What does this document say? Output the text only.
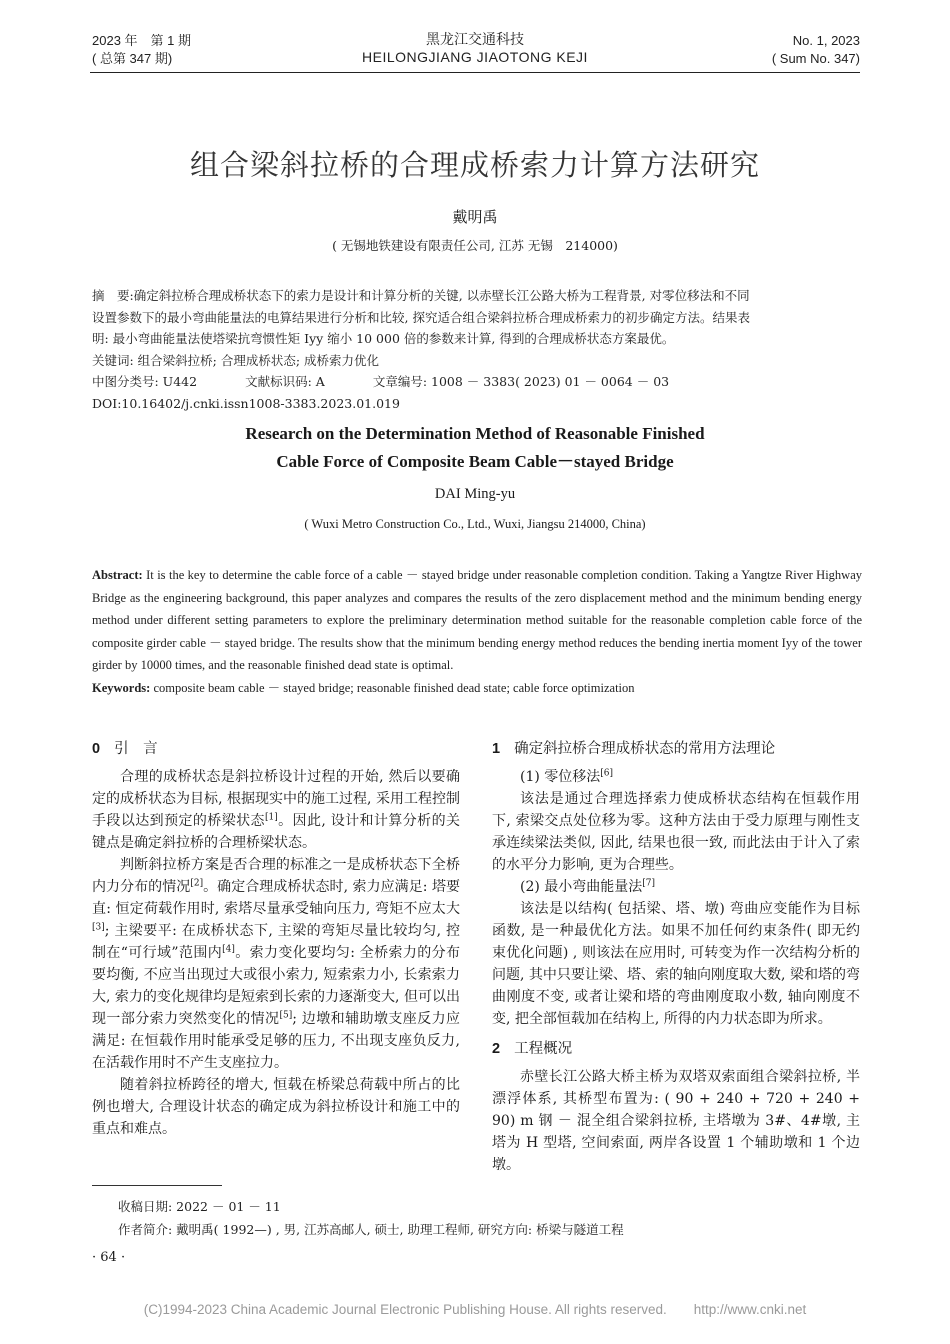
2023 年　第 1 期
( 总第 347 期)
黑龙江交通科技
HEILONGJIANG JIAOTONG KEJI
No. 1, 2023
( Sum No. 347)
组合梁斜拉桥的合理成桥索力计算方法研究
戴明禹
( 无锡地铁建设有限责任公司, 江苏 无锡　214000)
摘　要:确定斜拉桥合理成桥状态下的索力是设计和计算分析的关键, 以赤壁长江公路大桥为工程背景, 对零位移法和不同
设置参数下的最小弯曲能量法的电算结果进行分析和比较, 探究适合组合梁斜拉桥合理成桥索力的初步确定方法。结果表
明: 最小弯曲能量法使塔梁抗弯惯性矩 Iyy 缩小 10 000 倍的参数来计算, 得到的合理成桥状态方案最优。
关键词: 组合梁斜拉桥; 合理成桥状态; 成桥索力优化
中图分类号: U442	文献标识码: A	文章编号: 1008 － 3383( 2023) 01 － 0064 － 03
DOI:10.16402/j.cnki.issn1008-3383.2023.01.019
Research on the Determination Method of Reasonable Finished
Cable Force of Composite Beam Cable－stayed Bridge
DAI Ming-yu
( Wuxi Metro Construction Co., Ltd., Wuxi, Jiangsu 214000, China)
Abstract: It is the key to determine the cable force of a cable － stayed bridge under reasonable completion condition. Taking a Yangtze River Highway Bridge as the engineering background, this paper analyzes and compares the results of the zero displacement method and the minimum bending energy method under different setting parameters to explore the preliminary determination method suitable for the reasonable completion cable force of the composite girder cable － stayed bridge. The results show that the minimum bending energy method reduces the bending inertia moment Iyy of the tower girder by 10000 times, and the reasonable finished dead state is optimal.
Keywords: composite beam cable － stayed bridge; reasonable finished dead state; cable force optimization
0 引　言

合理的成桥状态是斜拉桥设计过程的开始, 然后以要确定的成桥状态为目标, 根据现实中的施工过程, 采用工程控制手段以达到预定的桥梁状态[1]。因此, 设计和计算分析的关键点是确定斜拉桥的合理桥梁状态。

判断斜拉桥方案是否合理的标准之一是成桥状态下全桥内力分布的情况[2]。确定合理成桥状态时, 索力应满足: 塔要直: 恒定荷载作用时, 索塔尽量承受轴向压力, 弯矩不应太大[3]; 主梁要平: 在成桥状态下, 主梁的弯矩尽量比较均匀, 控制在“可行域”范围内[4]。索力变化要均匀: 全桥索力的分布要均衡, 不应当出现过大或很小索力, 短索索力小, 长索索力大, 索力的变化规律均是短索到长索的力逐渐变大, 但可以出现一部分索力突然变化的情况[5]; 边墩和辅助墩支座反力应满足: 在恒载作用时能承受足够的压力, 不出现支座负反力, 在活载作用时不产生支座拉力。

随着斜拉桥跨径的增大, 恒载在桥梁总荷载中所占的比例也增大, 合理设计状态的确定成为斜拉桥设计和施工中的重点和难点。

1 确定斜拉桥合理成桥状态的常用方法理论
(1) 零位移法[6]

该法是通过合理选择索力使成桥状态结构在恒载作用下, 索梁交点处位移为零。这种方法由于受力原理与刚性支承连续梁法类似, 因此, 结果也很一致, 而此法由于计入了索的水平分力影响, 更为合理些。

(2) 最小弯曲能量法[7]

该法是以结构( 包括梁、塔、墩) 弯曲应变能作为目标函数, 是一种最优化方法。如果不加任何约束条件( 即无约束优化问题) , 则该法在应用时, 可转变为作一次结构分析的问题, 其中只要让梁、塔、索的轴向刚度取大数, 梁和塔的弯曲刚度不变, 或者让梁和塔的弯曲刚度取小数, 轴向刚度不变, 把全部恒载加在结构上, 所得的内力状态即为所求。

2 工程概况

赤壁长江公路大桥主桥为双塔双索面组合梁斜拉桥, 半漂浮体系, 其桥型布置为: ( 90 + 240 + 720 + 240 + 90) m 钢 － 混全组合梁斜拉桥, 主塔墩为 3#、4#墩, 主塔为 H 型塔, 空间索面, 两岸各设置 1 个辅助墩和 1 个边墩。

收稿日期: 2022 － 01 － 11
作者简介: 戴明禹( 1992—) , 男, 江苏高邮人, 硕士, 助理工程师, 研究方向: 桥梁与隧道工程
· 64 ·
(C)1994-2023 China Academic Journal Electronic Publishing House. All rights reserved.　　http://www.cnki.net
